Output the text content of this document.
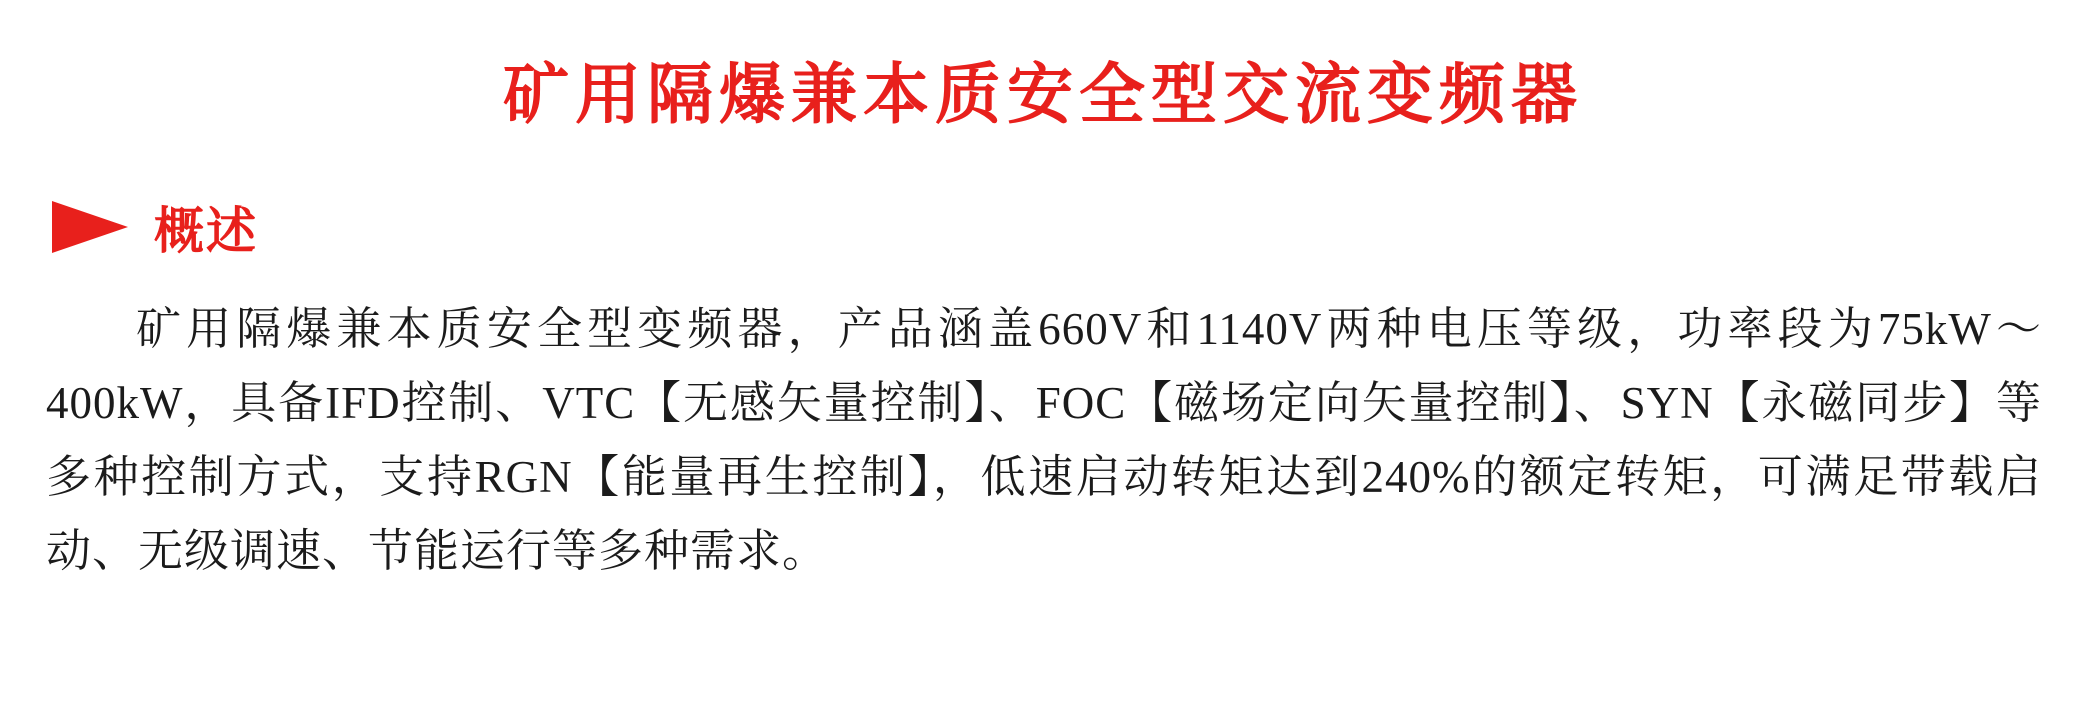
矿用隔爆兼本质安全型交流变频器
概述
矿用隔爆兼本质安全型变频器，产品涵盖660V和1140V两种电压等级，功率段为75kW～400kW，具备IFD控制、VTC【无感矢量控制】、FOC【磁场定向矢量控制】、SYN【永磁同步】等多种控制方式，支持RGN【能量再生控制】，低速启动转矩达到240%的额定转矩，可满足带载启动、无级调速、节能运行等多种需求。
